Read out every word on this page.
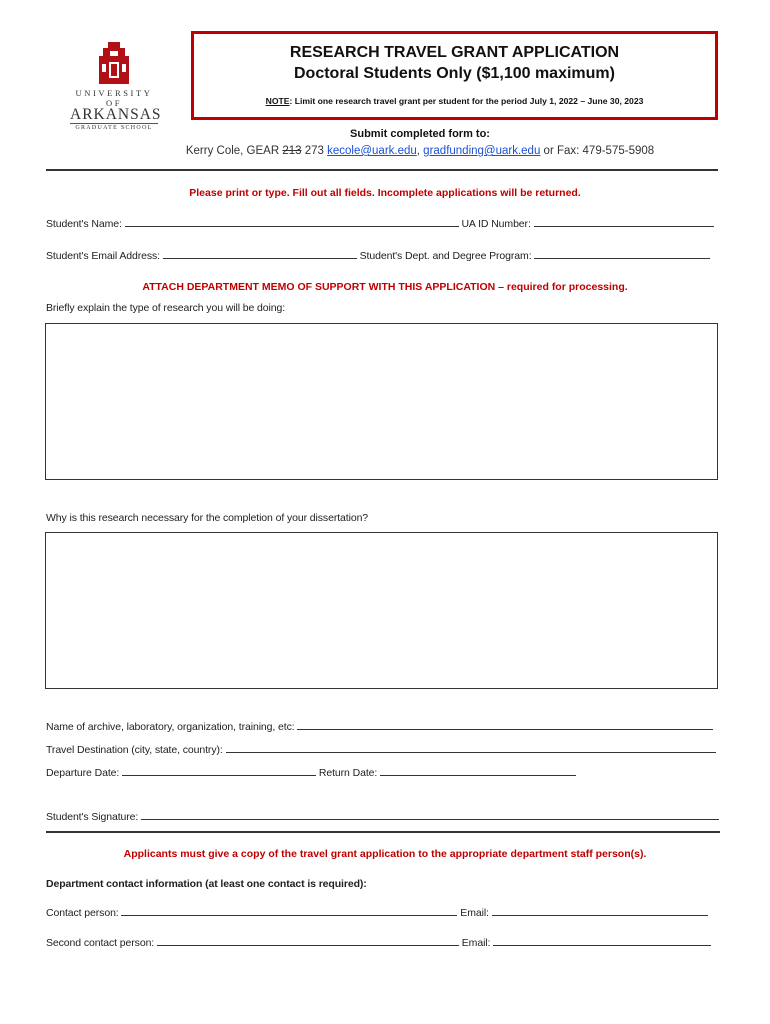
UNIVERSITY OF
ARKANSAS
GRADUATE SCHOOL
RESEARCH TRAVEL GRANT APPLICATION
Doctoral Students Only ($1,100 maximum)
NOTE: Limit one research travel grant per student for the period July 1, 2022 – June 30, 2023
Submit completed form to:
Kerry Cole, GEAR 213 273 kecole@uark.edu, gradfunding@uark.edu or Fax: 479-575-5908
Please print or type. Fill out all fields. Incomplete applications will be returned.
Student's Name:	UA ID Number:
Student's Email Address:	Student's Dept. and Degree Program:
ATTACH DEPARTMENT MEMO OF SUPPORT WITH THIS APPLICATION – required for processing.
Briefly explain the type of research you will be doing:
Why is this research necessary for the completion of your dissertation?
Name of archive, laboratory, organization, training, etc:
Travel Destination (city, state, country):
Departure Date:	Return Date:
Student's Signature:
Applicants must give a copy of the travel grant application to the appropriate department staff person(s).
Department contact information (at least one contact is required):
Contact person:	Email:
Second contact person:	Email:
